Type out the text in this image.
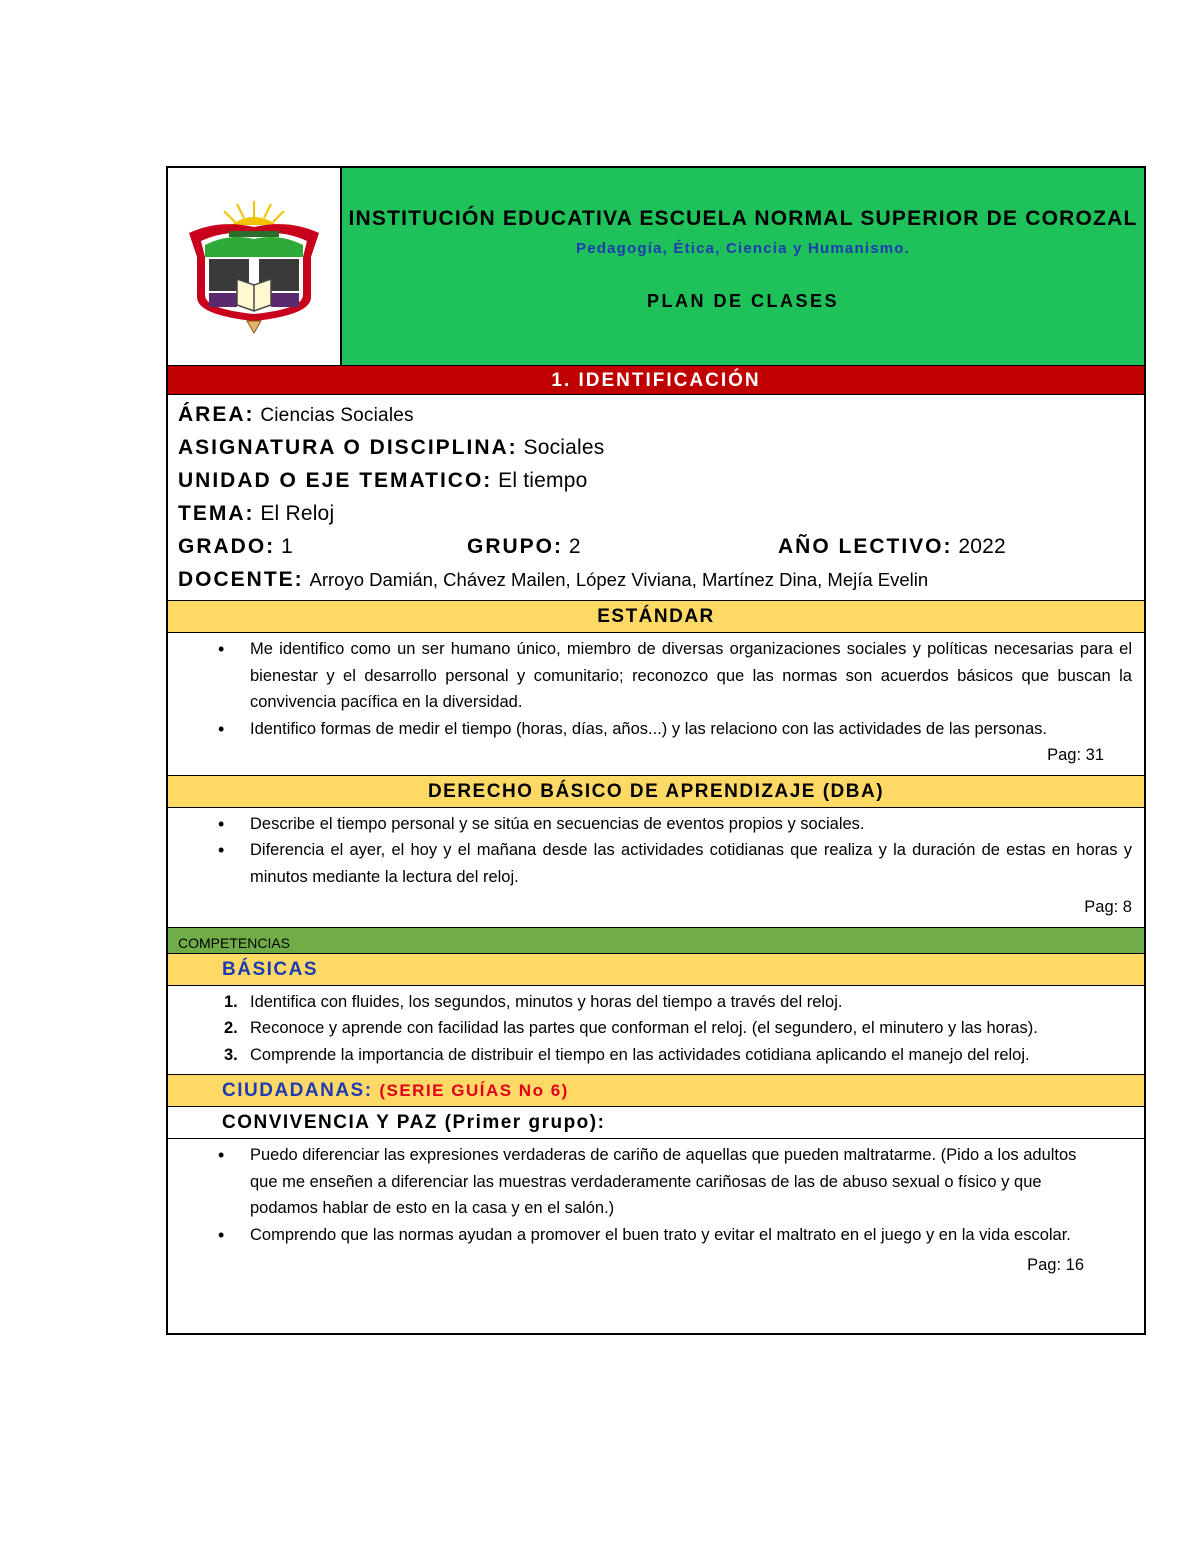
INSTITUCIÓN EDUCATIVA ESCUELA NORMAL SUPERIOR DE COROZAL
Pedagogía, Ética, Ciencia y Humanismo.
PLAN DE CLASES
1. IDENTIFICACIÓN
ÁREA: Ciencias Sociales
ASIGNATURA O DISCIPLINA: Sociales
UNIDAD O EJE TEMATICO: El tiempo
TEMA: El Reloj
GRADO: 1	GRUPO: 2	AÑO LECTIVO: 2022
DOCENTE: Arroyo Damián, Chávez Mailen, López Viviana, Martínez Dina, Mejía Evelin
ESTÁNDAR
• Me identifico como un ser humano único, miembro de diversas organizaciones sociales y políticas necesarias para el bienestar y el desarrollo personal y comunitario; reconozco que las normas son acuerdos básicos que buscan la convivencia pacífica en la diversidad.
• Identifico formas de medir el tiempo (horas, días, años...) y las relaciono con las actividades de las personas.
Pag: 31
DERECHO BÁSICO DE APRENDIZAJE (DBA)
• Describe el tiempo personal y se sitúa en secuencias de eventos propios y sociales.
• Diferencia el ayer, el hoy y el mañana desde las actividades cotidianas que realiza y la duración de estas en horas y minutos mediante la lectura del reloj.
Pag: 8
COMPETENCIAS
BÁSICAS
1. Identifica con fluides, los segundos, minutos y horas del tiempo a través del reloj.
2. Reconoce y aprende con facilidad las partes que conforman el reloj. (el segundero, el minutero y las horas).
3. Comprende la importancia de distribuir el tiempo en las actividades cotidiana aplicando el manejo del reloj.
CIUDADANAS: (SERIE GUÍAS No 6)
CONVIVENCIA Y PAZ (Primer grupo):
• Puedo diferenciar las expresiones verdaderas de cariño de aquellas que pueden maltratarme. (Pido a los adultos que me enseñen a diferenciar las muestras verdaderamente cariñosas de las de abuso sexual o físico y que podamos hablar de esto en la casa y en el salón.)
• Comprendo que las normas ayudan a promover el buen trato y evitar el maltrato en el juego y en la vida escolar.
Pag: 16
